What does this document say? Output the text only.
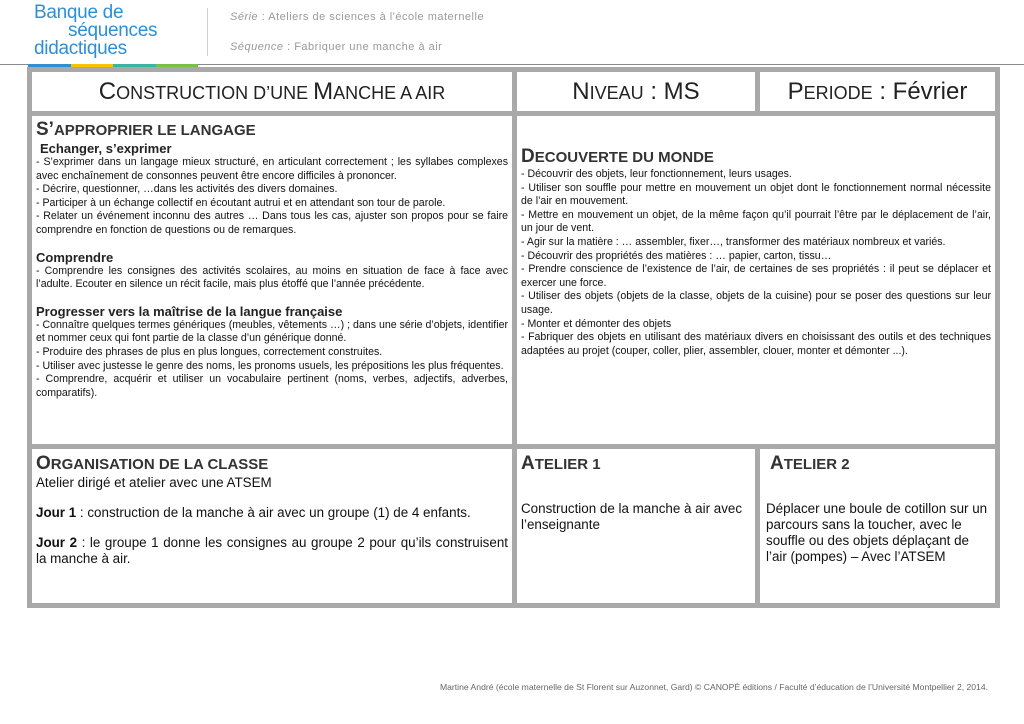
Banque de
séquences
didactiques
Série : Ateliers de sciences à l'école maternelle
Séquence : Fabriquer une manche à air
CONSTRUCTION D’UNE MANCHE A AIR	NIVEAU : MS	PERIODE : Février
S’APPROPRIER LE LANGAGE
Echanger, s’exprimer

- S’exprimer dans un langage mieux structuré, en articulant correctement ; les syllabes complexes avec enchaînement de consonnes peuvent être encore difficiles à prononcer.

- Décrire, questionner, …dans les activités des divers domaines.

- Participer à un échange collectif en écoutant autrui et en attendant son tour de parole.

- Relater un événement inconnu des autres … Dans tous les cas, ajuster son propos pour se faire comprendre en fonction de questions ou de remarques.

Comprendre

- Comprendre les consignes des activités scolaires, au moins en situation de face à face avec l’adulte. Ecouter en silence un récit facile, mais plus étoffé que l’année précédente.

Progresser vers la maîtrise de la langue française

- Connaître quelques termes génériques (meubles, vêtements …) ; dans une série d’objets, identifier et nommer ceux qui font partie de la classe d’un générique donné.

- Produire des phrases de plus en plus longues, correctement construites.

- Utiliser avec justesse le genre des noms, les pronoms usuels, les prépositions les plus fréquentes.

- Comprendre, acquérir et utiliser un vocabulaire pertinent (noms, verbes, adjectifs, adverbes, comparatifs).

DECOUVERTE DU MONDE

- Découvrir des objets, leur fonctionnement, leurs usages.

- Utiliser son souffle pour mettre en mouvement un objet dont le fonctionnement normal nécessite de l’air en mouvement.

- Mettre en mouvement un objet, de la même façon qu’il pourrait l’être par le déplacement de l’air, un jour de vent.

- Agir sur la matière : … assembler, fixer…, transformer des matériaux nombreux et variés.

- Découvrir des propriétés des matières : … papier, carton, tissu…

- Prendre conscience de l’existence de l’air, de certaines de ses propriétés : il peut se déplacer et exercer une force.

- Utiliser des objets (objets de la classe, objets de la cuisine) pour se poser des questions sur leur usage.

- Monter et démonter des objets

- Fabriquer des objets en utilisant des matériaux divers en choisissant des outils et des techniques adaptées au projet (couper, coller, plier, assembler, clouer, monter et démonter ...).

ORGANISATION DE LA CLASSE
Atelier dirigé et atelier avec une ATSEM
Jour 1 : construction de la manche à air avec un groupe (1) de 4 enfants.
Jour 2 : le groupe 1 donne les consignes au groupe 2 pour qu’ils construisent la manche à air.
ATELIER 1
Construction de la manche à air avec l’enseignante
ATELIER 2
Déplacer une boule de cotillon sur un parcours sans la toucher, avec le souffle ou des objets déplaçant de l’air (pompes) – Avec l’ATSEM
Martine André (école maternelle de St Florent sur Auzonnet, Gard) © CANOPÉ éditions / Faculté d’éducation de l’Université Montpellier 2, 2014.
